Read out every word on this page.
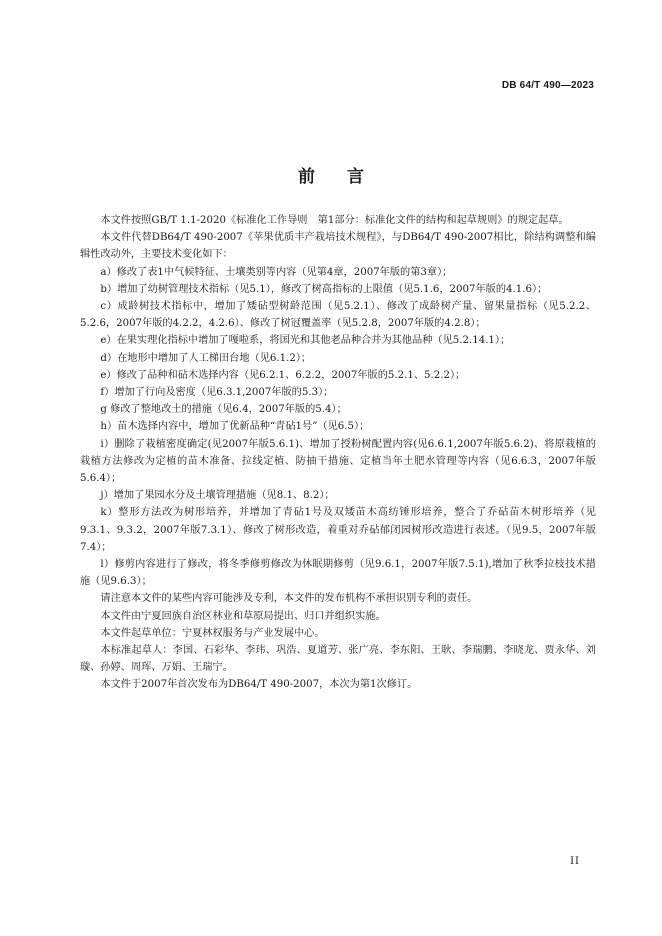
DB 64/T 490—2023
前言

本文件按照GB/T 1.1-2020《标准化工作导则　第1部分：标准化文件的结构和起草规则》的规定起草。

本文件代替DB64/T 490-2007《苹果优质丰产栽培技术规程》，与DB64/T 490-2007相比，除结构调整和编辑性改动外，主要技术变化如下：

a）修改了表1中气候特征、土壤类别等内容（见第4章，2007年版的第3章）；

b）增加了幼树管理技术指标（见5.1），修改了树高指标的上限值（见5.1.6，2007年版的4.1.6）；

c）成龄树技术指标中，增加了矮砧型树龄范围（见5.2.1）、修改了成龄树产量、留果量指标（见5.2.2、5.2.6，2007年版的4.2.2，4.2.6）、修改了树冠覆盖率（见5.2.8，2007年版的4.2.8）；

e）在果实理化指标中增加了嘎啦系，将国光和其他老品种合并为其他品种（见5.2.14.1）；

d）在地形中增加了人工梯田台地（见6.1.2）；

e）修改了品种和砧木选择内容（见6.2.1、6.2.2，2007年版的5.2.1、5.2.2）；

f）增加了行向及密度（见6.3.1,2007年版的5.3）；

g 修改了整地改土的措施（见6.4，2007年版的5.4）；

h）苗木选择内容中，增加了优新品种“青砧1号”（见6.5）；

i）删除了栽植密度确定(见2007年版5.6.1)、增加了授粉树配置内容(见6.6.1,2007年版5.6.2)、将原栽植的栽植方法修改为定植的苗木准备、拉线定植、防抽干措施、定植当年土肥水管理等内容（见6.6.3，2007年版5.6.4）；

j）增加了果园水分及土壤管理措施（见8.1、8.2）；

k）整形方法改为树形培养，并增加了青砧1号及双矮苗木高纺锤形培养，整合了乔砧苗木树形培养（见9.3.1、9.3.2，2007年版7.3.1）、修改了树形改造，着重对乔砧郁闭园树形改造进行表述。（见9.5，2007年版7.4）；

l）修剪内容进行了修改，将冬季修剪修改为休眠期修剪（见9.6.1，2007年版7.5.1),增加了秋季拉枝技术措施（见9.6.3）；

请注意本文件的某些内容可能涉及专利，本文件的发布机构不承担识别专利的责任。

本文件由宁夏回族自治区林业和草原局提出、归口并组织实施。

本文件起草单位：宁夏林权服务与产业发展中心。

本标准起草人：李国、石彩华、李玮、巩浩、夏道芳、张广亮、李东阳、王耿、李瑞鹏、李晓龙、贾永华、刘璇、孙婷、周珲、万娟、王瑞宁。

本文件于2007年首次发布为DB64/T 490-2007，本次为第1次修订。

II
